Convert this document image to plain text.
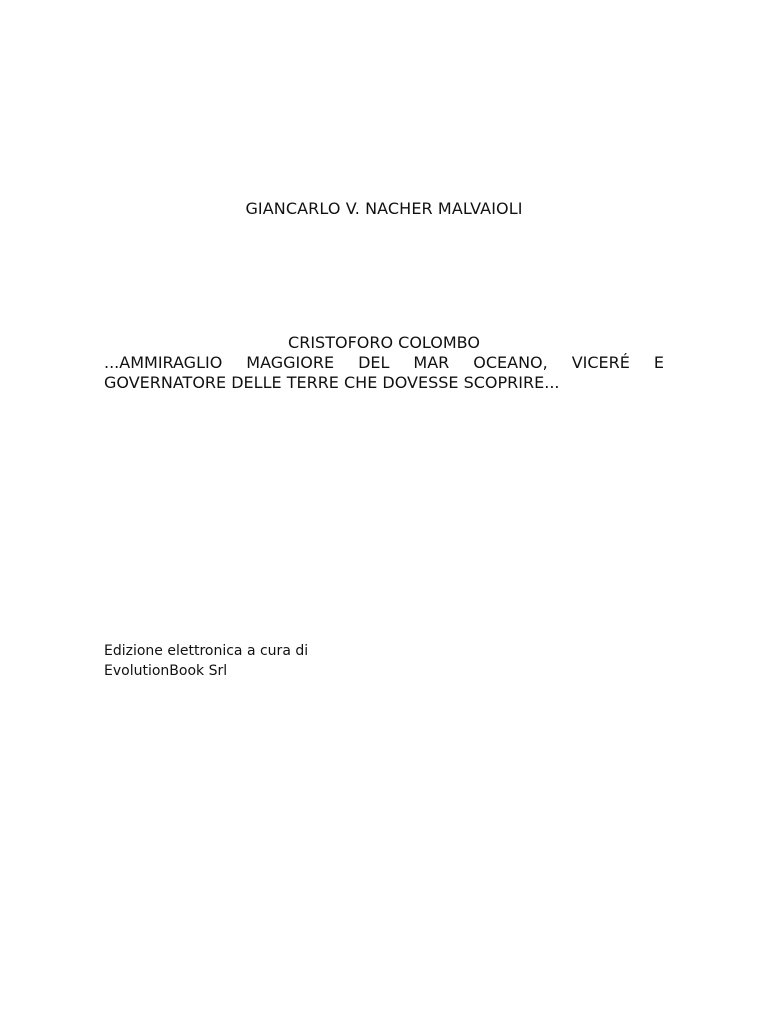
GIANCARLO V. NACHER MALVAIOLI
CRISTOFORO COLOMBO
...AMMIRAGLIO MAGGIORE DEL MAR OCEANO, VICERÉ E GOVERNATORE DELLE TERRE CHE DOVESSE SCOPRIRE...
Edizione elettronica a cura di
EvolutionBook Srl
